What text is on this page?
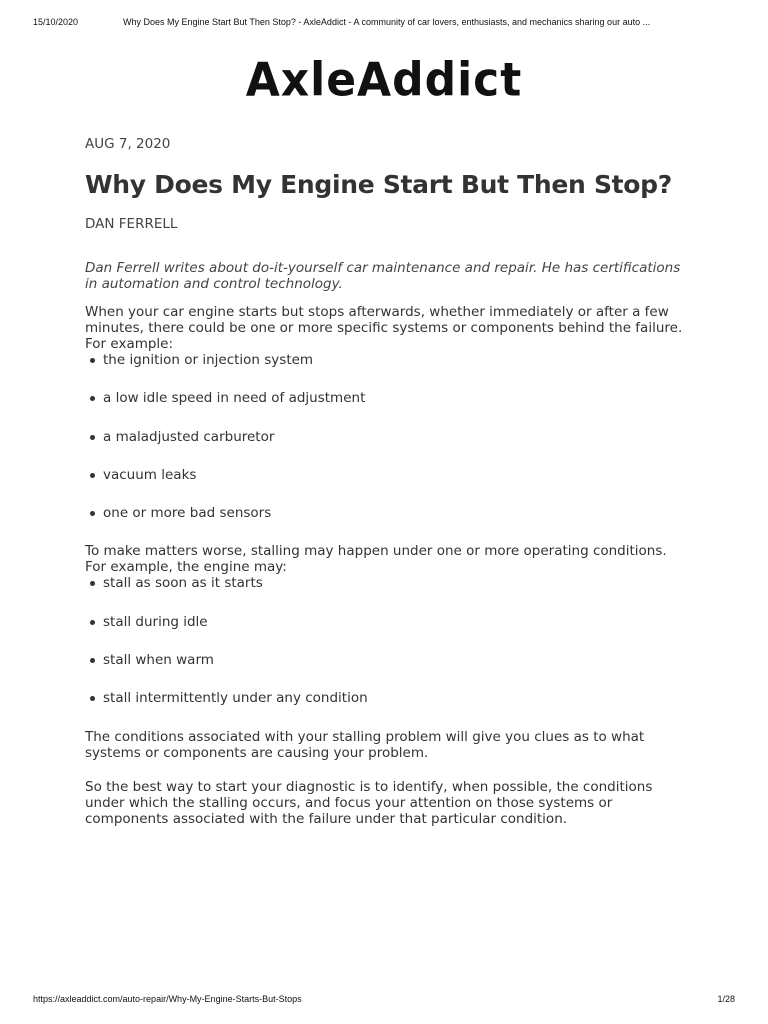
15/10/2020	Why Does My Engine Start But Then Stop? - AxleAddict - A community of car lovers, enthusiasts, and mechanics sharing our auto ...
AxleAddict

AUG 7, 2020

Why Does My Engine Start But Then Stop?

DAN FERRELL

Dan Ferrell writes about do-it-yourself car maintenance and repair. He has certifications in automation and control technology.

When your car engine starts but stops afterwards, whether immediately or after a few minutes, there could be one or more specific systems or components behind the failure. For example:

the ignition or injection system
a low idle speed in need of adjustment
a maladjusted carburetor
vacuum leaks
one or more bad sensors

To make matters worse, stalling may happen under one or more operating conditions. For example, the engine may:

stall as soon as it starts
stall during idle
stall when warm
stall intermittently under any condition

The conditions associated with your stalling problem will give you clues as to what systems or components are causing your problem.

So the best way to start your diagnostic is to identify, when possible, the conditions under which the stalling occurs, and focus your attention on those systems or components associated with the failure under that particular condition.

https://axleaddict.com/auto-repair/Why-My-Engine-Starts-But-Stops	1/28
